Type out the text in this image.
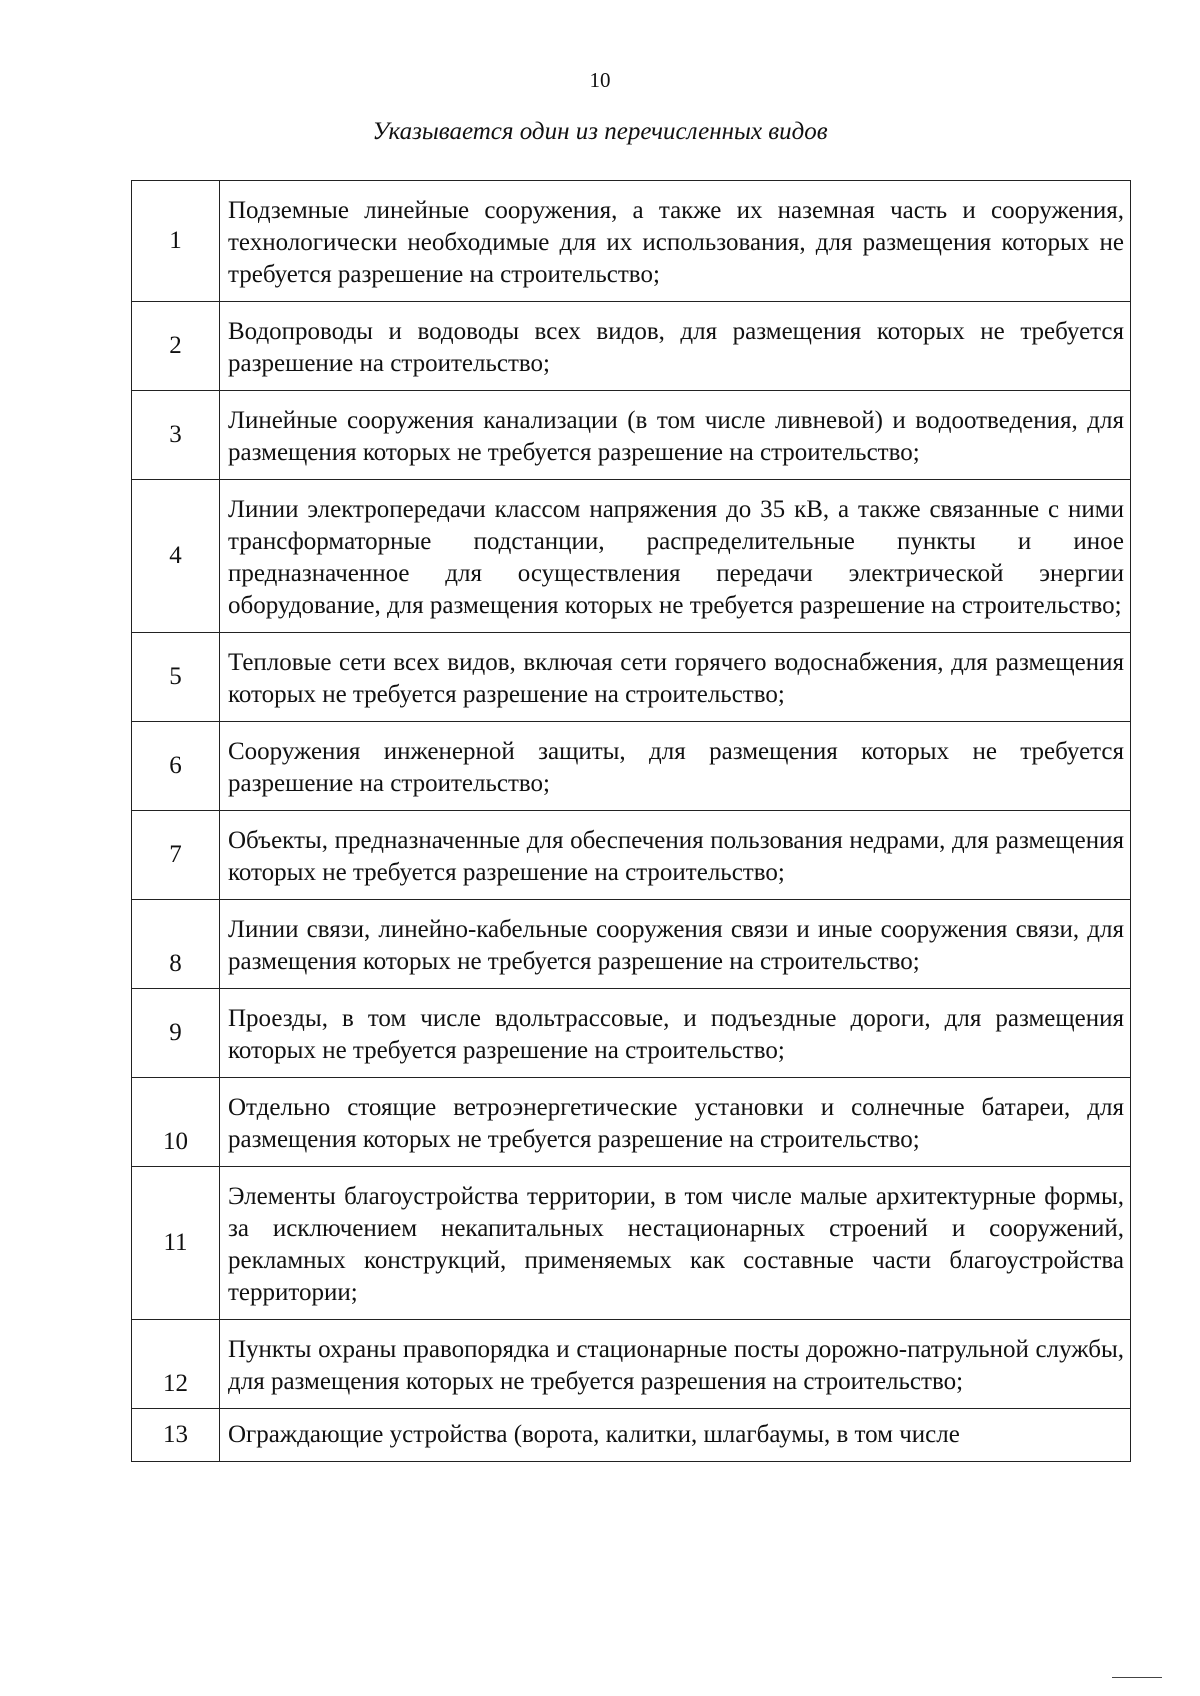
10
Указывается один из перечисленных видов
1	Подземные линейные сооружения, а также их наземная часть и сооружения, технологически необходимые для их использования, для размещения которых не требуется разрешение на строительство;
2	Водопроводы и водоводы всех видов, для размещения которых не требуется разрешение на строительство;
3	Линейные сооружения канализации (в том числе ливневой) и водоотведения, для размещения которых не требуется разрешение на строительство;
4	Линии электропередачи классом напряжения до 35 кВ, а также связанные с ними трансформаторные подстанции, распределительные пункты и иное предназначенное для осуществления передачи электрической энергии оборудование, для размещения которых не требуется разрешение на строительство;
5	Тепловые сети всех видов, включая сети горячего водоснабжения, для размещения которых не требуется разрешение на строительство;
6	Сооружения инженерной защиты, для размещения которых не требуется разрешение на строительство;
7	Объекты, предназначенные для обеспечения пользования недрами, для размещения которых не требуется разрешение на строительство;
8	Линии связи, линейно-кабельные сооружения связи и иные сооружения связи, для размещения которых не требуется разрешение на строительство;
9	Проезды, в том числе вдольтрассовые, и подъездные дороги, для размещения которых не требуется разрешение на строительство;
10	Отдельно стоящие ветроэнергетические установки и солнечные батареи, для размещения которых не требуется разрешение на строительство;
11	Элементы благоустройства территории, в том числе малые архитектурные формы, за исключением некапитальных нестационарных строений и сооружений, рекламных конструкций, применяемых как составные части благоустройства территории;
12	Пункты охраны правопорядка и стационарные посты дорожно-патрульной службы, для размещения которых не требуется разрешения на строительство;
13	Ограждающие устройства (ворота, калитки, шлагбаумы, в том числе
